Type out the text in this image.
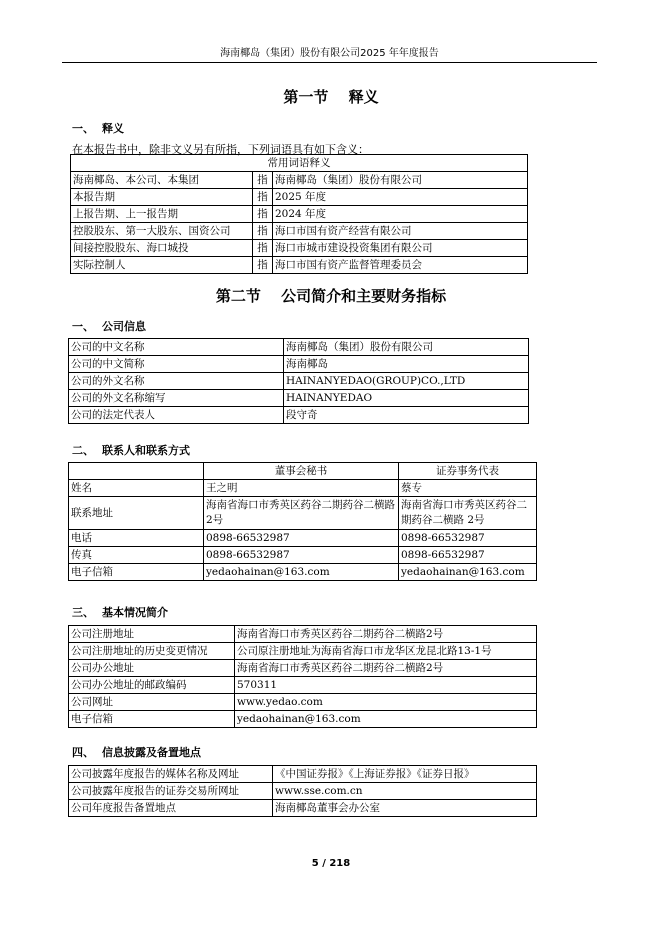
海南椰岛（集团）股份有限公司2025 年年度报告
第一节　 释义
一、 释义
在本报告书中，除非文义另有所指，下列词语具有如下含义：
常用词语释义		
海南椰岛、本公司、本集团	指	海南椰岛（集团）股份有限公司
本报告期	指	2025 年度
上报告期、上一报告期	指	2024 年度
控股股东、第一大股东、国资公司	指	海口市国有资产经营有限公司
间接控股股东、海口城投	指	海口市城市建设投资集团有限公司
实际控制人	指	海口市国有资产监督管理委员会
第二节　 公司简介和主要财务指标
一、 公司信息
公司的中文名称	海南椰岛（集团）股份有限公司
公司的中文简称	海南椰岛
公司的外文名称	HAINANYEDAO(GROUP)CO.,LTD
公司的外文名称缩写	HAINANYEDAO
公司的法定代表人	段守奇
二、 联系人和联系方式
	董事会秘书	证券事务代表
姓名	王之明	蔡专
联系地址	海南省海口市秀英区药谷二期药谷二横路2号	海南省海口市秀英区药谷二期药谷二横路 2号
电话	0898-66532987	0898-66532987
传真	0898-66532987	0898-66532987
电子信箱	yedaohainan@163.com	yedaohainan@163.com
三、 基本情况简介
公司注册地址	海南省海口市秀英区药谷二期药谷二横路2号
公司注册地址的历史变更情况	公司原注册地址为海南省海口市龙华区龙昆北路13-1号
公司办公地址	海南省海口市秀英区药谷二期药谷二横路2号
公司办公地址的邮政编码	570311
公司网址	www.yedao.com
电子信箱	yedaohainan@163.com
四、 信息披露及备置地点
公司披露年度报告的媒体名称及网址	《中国证券报》《上海证券报》《证券日报》
公司披露年度报告的证券交易所网址	www.sse.com.cn
公司年度报告备置地点	海南椰岛董事会办公室
5 / 218
